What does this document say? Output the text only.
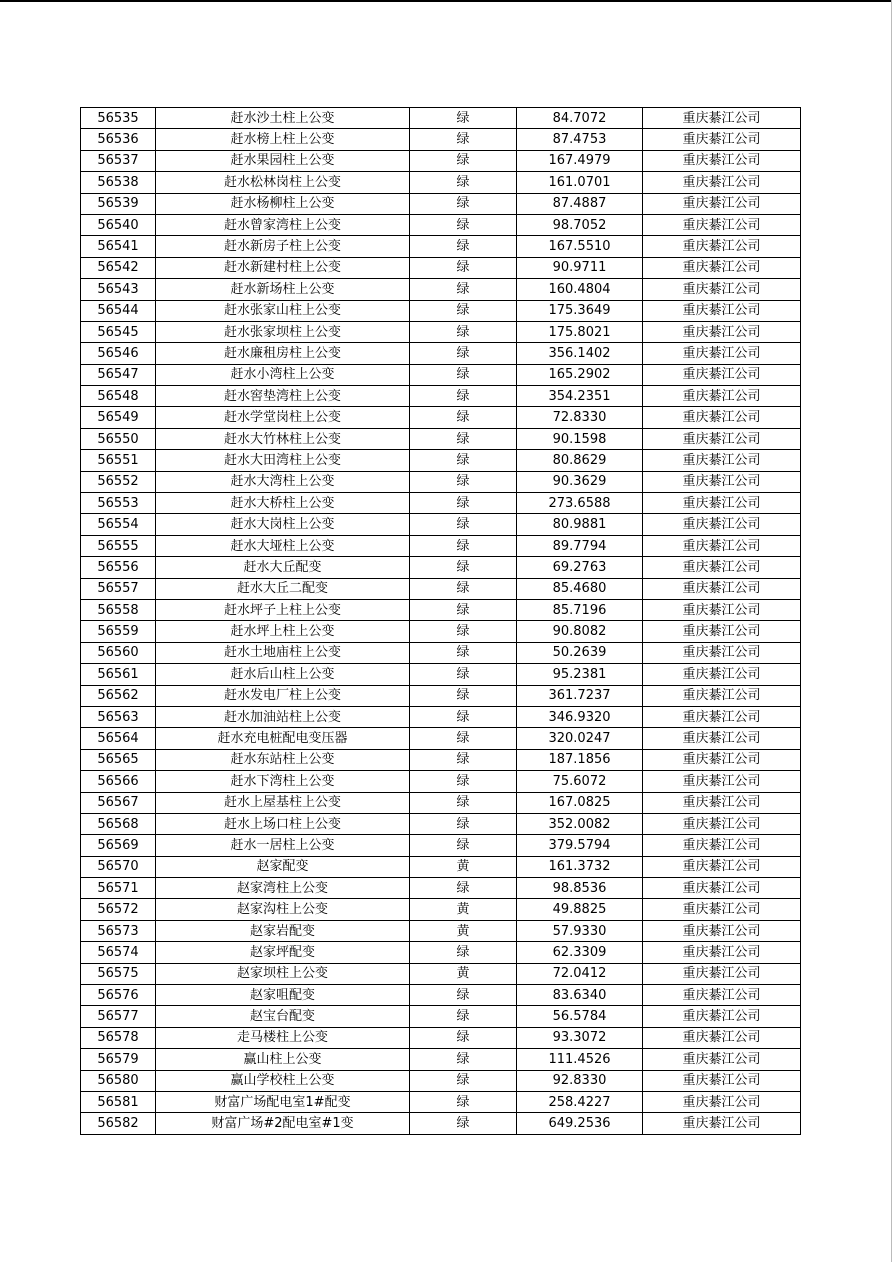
56535	赶水沙土柱上公变	绿	84.7072	重庆綦江公司
56536	赶水榜上柱上公变	绿	87.4753	重庆綦江公司
56537	赶水果园柱上公变	绿	167.4979	重庆綦江公司
56538	赶水松林岗柱上公变	绿	161.0701	重庆綦江公司
56539	赶水杨柳柱上公变	绿	87.4887	重庆綦江公司
56540	赶水曾家湾柱上公变	绿	98.7052	重庆綦江公司
56541	赶水新房子柱上公变	绿	167.5510	重庆綦江公司
56542	赶水新建村柱上公变	绿	90.9711	重庆綦江公司
56543	赶水新场柱上公变	绿	160.4804	重庆綦江公司
56544	赶水张家山柱上公变	绿	175.3649	重庆綦江公司
56545	赶水张家坝柱上公变	绿	175.8021	重庆綦江公司
56546	赶水廉租房柱上公变	绿	356.1402	重庆綦江公司
56547	赶水小湾柱上公变	绿	165.2902	重庆綦江公司
56548	赶水窖垫湾柱上公变	绿	354.2351	重庆綦江公司
56549	赶水学堂岗柱上公变	绿	72.8330	重庆綦江公司
56550	赶水大竹林柱上公变	绿	90.1598	重庆綦江公司
56551	赶水大田湾柱上公变	绿	80.8629	重庆綦江公司
56552	赶水大湾柱上公变	绿	90.3629	重庆綦江公司
56553	赶水大桥柱上公变	绿	273.6588	重庆綦江公司
56554	赶水大岗柱上公变	绿	80.9881	重庆綦江公司
56555	赶水大垭柱上公变	绿	89.7794	重庆綦江公司
56556	赶水大丘配变	绿	69.2763	重庆綦江公司
56557	赶水大丘二配变	绿	85.4680	重庆綦江公司
56558	赶水坪子上柱上公变	绿	85.7196	重庆綦江公司
56559	赶水坪上柱上公变	绿	90.8082	重庆綦江公司
56560	赶水土地庙柱上公变	绿	50.2639	重庆綦江公司
56561	赶水后山柱上公变	绿	95.2381	重庆綦江公司
56562	赶水发电厂柱上公变	绿	361.7237	重庆綦江公司
56563	赶水加油站柱上公变	绿	346.9320	重庆綦江公司
56564	赶水充电桩配电变压器	绿	320.0247	重庆綦江公司
56565	赶水东站柱上公变	绿	187.1856	重庆綦江公司
56566	赶水下湾柱上公变	绿	75.6072	重庆綦江公司
56567	赶水上屋基柱上公变	绿	167.0825	重庆綦江公司
56568	赶水上场口柱上公变	绿	352.0082	重庆綦江公司
56569	赶水一居柱上公变	绿	379.5794	重庆綦江公司
56570	赵家配变	黄	161.3732	重庆綦江公司
56571	赵家湾柱上公变	绿	98.8536	重庆綦江公司
56572	赵家沟柱上公变	黄	49.8825	重庆綦江公司
56573	赵家岩配变	黄	57.9330	重庆綦江公司
56574	赵家坪配变	绿	62.3309	重庆綦江公司
56575	赵家坝柱上公变	黄	72.0412	重庆綦江公司
56576	赵家咀配变	绿	83.6340	重庆綦江公司
56577	赵宝台配变	绿	56.5784	重庆綦江公司
56578	走马楼柱上公变	绿	93.3072	重庆綦江公司
56579	赢山柱上公变	绿	111.4526	重庆綦江公司
56580	赢山学校柱上公变	绿	92.8330	重庆綦江公司
56581	财富广场配电室1#配变	绿	258.4227	重庆綦江公司
56582	财富广场#2配电室#1变	绿	649.2536	重庆綦江公司
